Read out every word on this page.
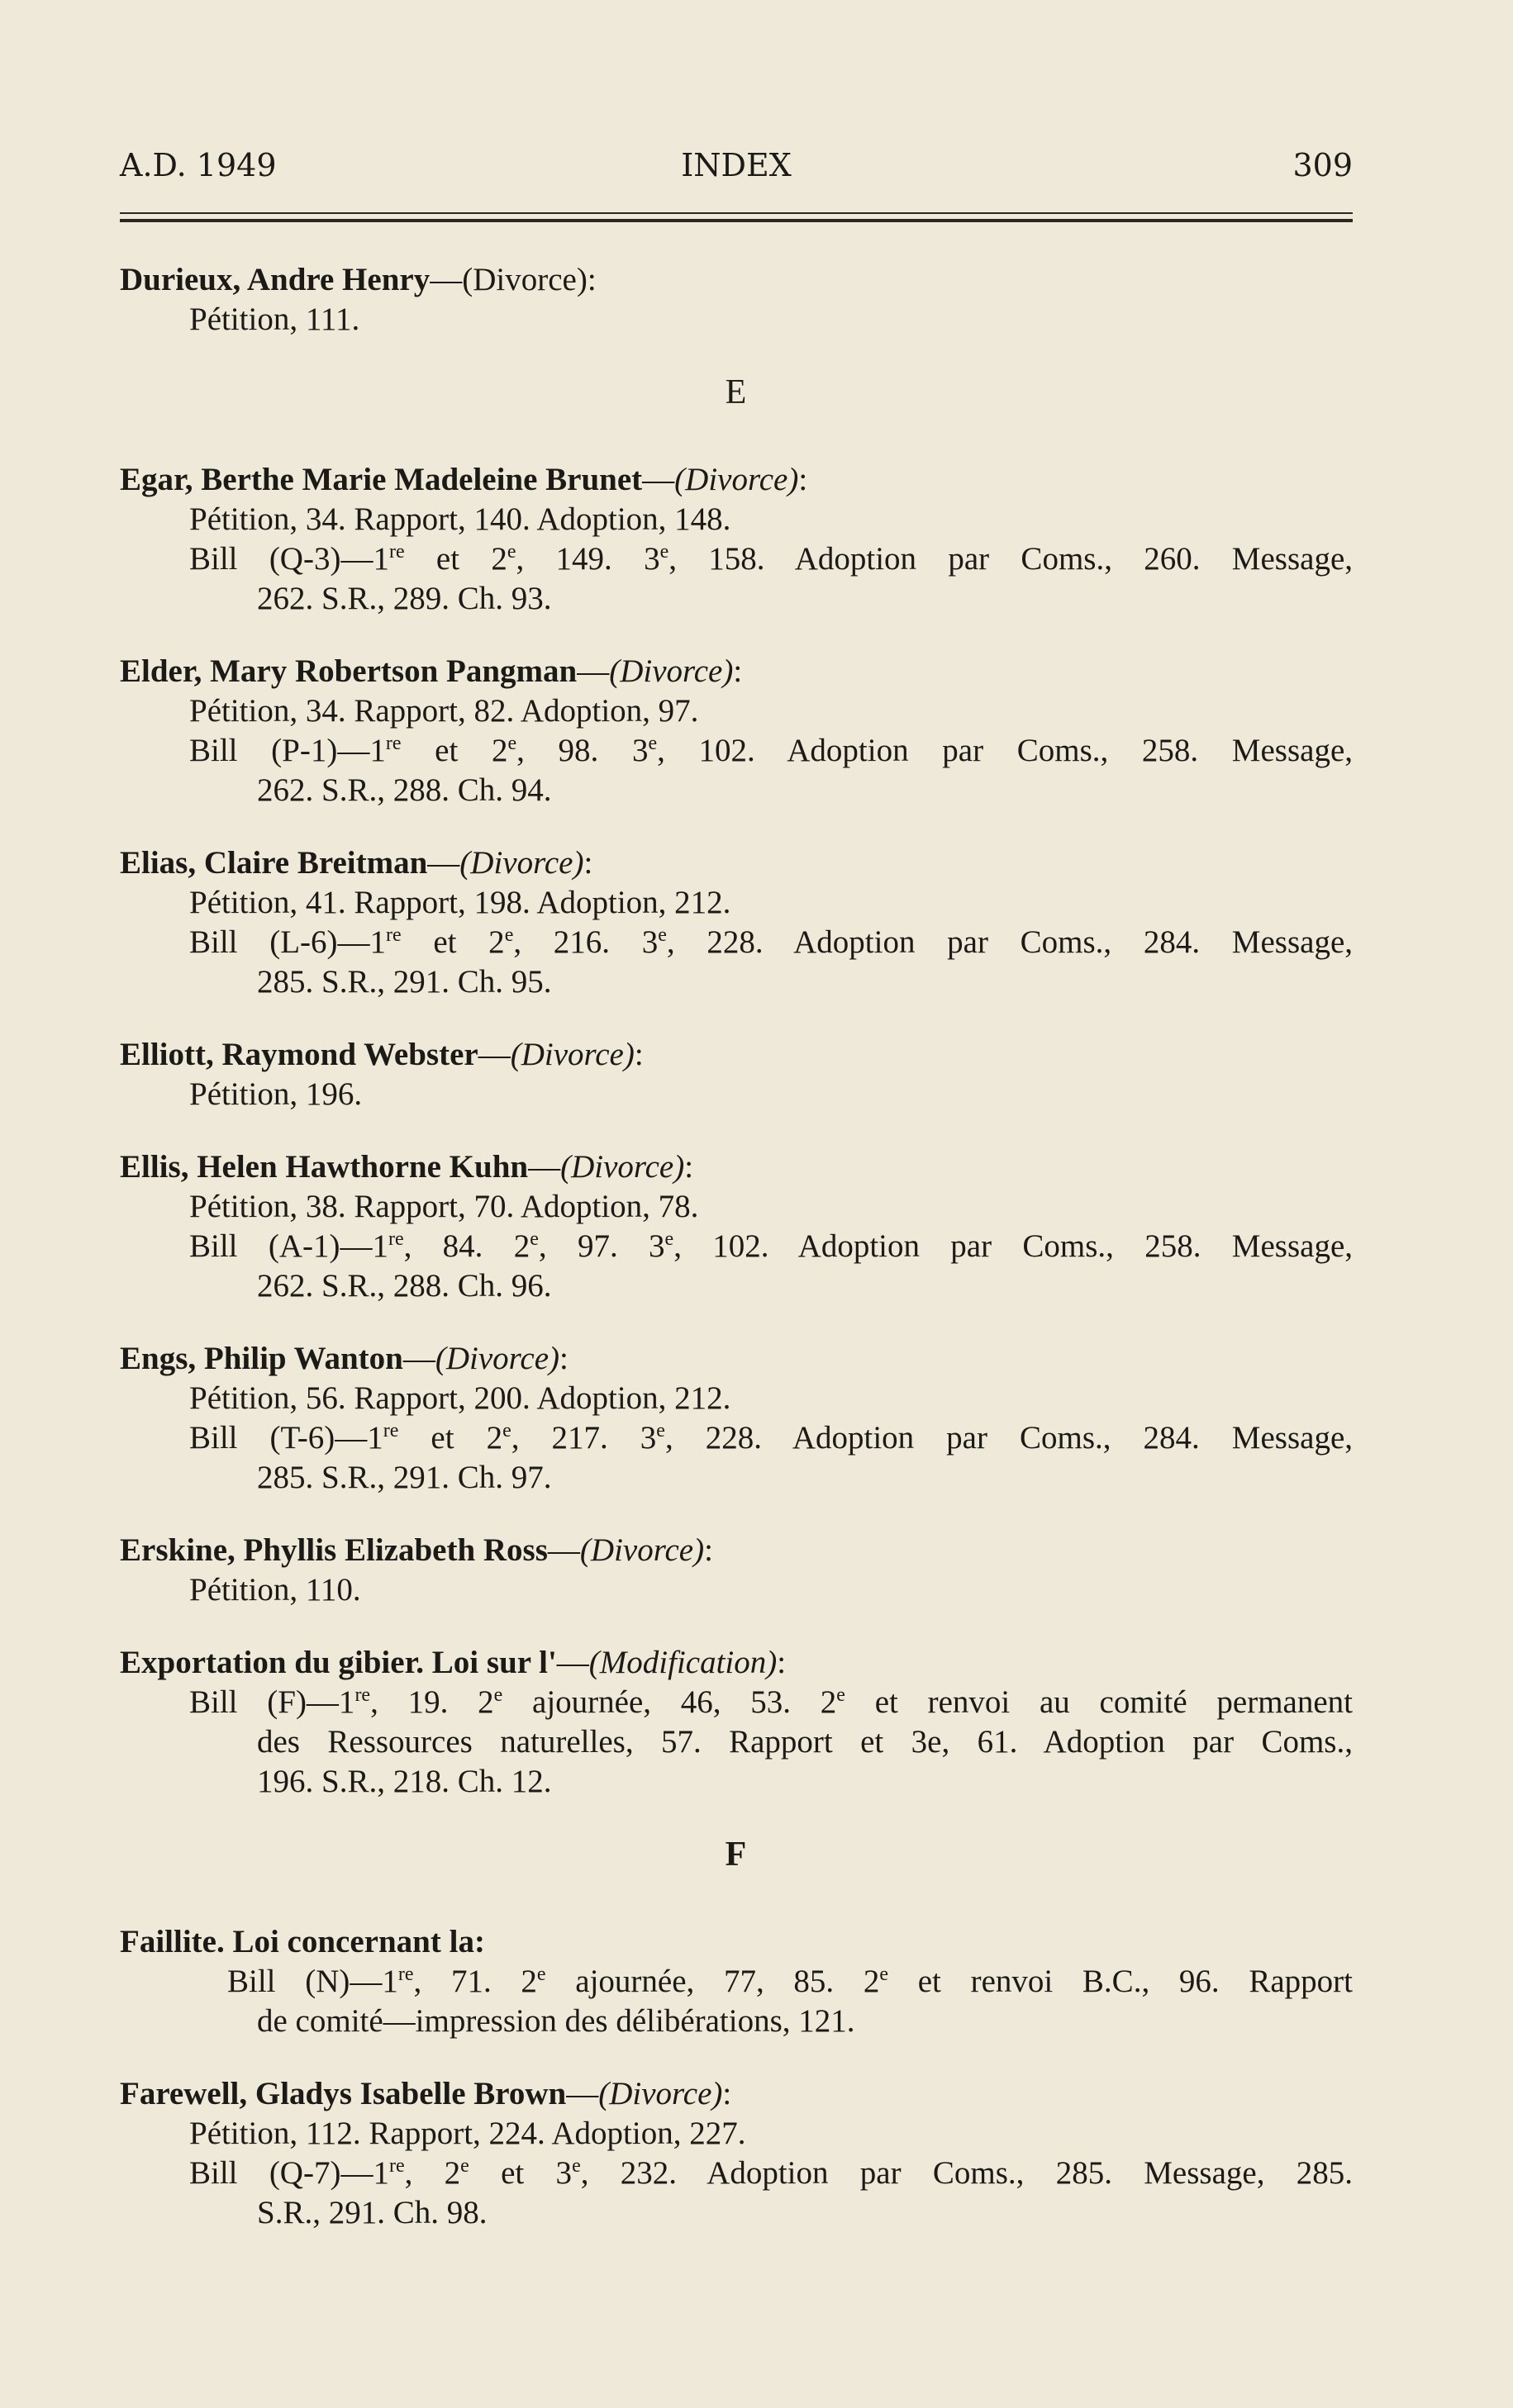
A.D. 1949	INDEX	309
Durieux, Andre Henry—(Divorce):
Pétition, 111.
E
Egar, Berthe Marie Madeleine Brunet—(Divorce):
Pétition, 34. Rapport, 140. Adoption, 148.
Bill (Q-3)—1re et 2e, 149. 3e, 158. Adoption par Coms., 260. Message,
262. S.R., 289. Ch. 93.
Elder, Mary Robertson Pangman—(Divorce):
Pétition, 34. Rapport, 82. Adoption, 97.
Bill (P-1)—1re et 2e, 98. 3e, 102. Adoption par Coms., 258. Message,
262. S.R., 288. Ch. 94.
Elias, Claire Breitman—(Divorce):
Pétition, 41. Rapport, 198. Adoption, 212.
Bill (L-6)—1re et 2e, 216. 3e, 228. Adoption par Coms., 284. Message,
285. S.R., 291. Ch. 95.
Elliott, Raymond Webster—(Divorce):
Pétition, 196.
Ellis, Helen Hawthorne Kuhn—(Divorce):
Pétition, 38. Rapport, 70. Adoption, 78.
Bill (A-1)—1re, 84. 2e, 97. 3e, 102. Adoption par Coms., 258. Message,
262. S.R., 288. Ch. 96.
Engs, Philip Wanton—(Divorce):
Pétition, 56. Rapport, 200. Adoption, 212.
Bill (T-6)—1re et 2e, 217. 3e, 228. Adoption par Coms., 284. Message,
285. S.R., 291. Ch. 97.
Erskine, Phyllis Elizabeth Ross—(Divorce):
Pétition, 110.
Exportation du gibier. Loi sur l'—(Modification):
Bill (F)—1re, 19. 2e ajournée, 46, 53. 2e et renvoi au comité permanent
des Ressources naturelles, 57. Rapport et 3e, 61. Adoption par Coms.,
196. S.R., 218. Ch. 12.
F
Faillite. Loi concernant la:
Bill (N)—1re, 71. 2e ajournée, 77, 85. 2e et renvoi B.C., 96. Rapport
de comité—impression des délibérations, 121.
Farewell, Gladys Isabelle Brown—(Divorce):
Pétition, 112. Rapport, 224. Adoption, 227.
Bill (Q-7)—1re, 2e et 3e, 232. Adoption par Coms., 285. Message, 285.
S.R., 291. Ch. 98.
